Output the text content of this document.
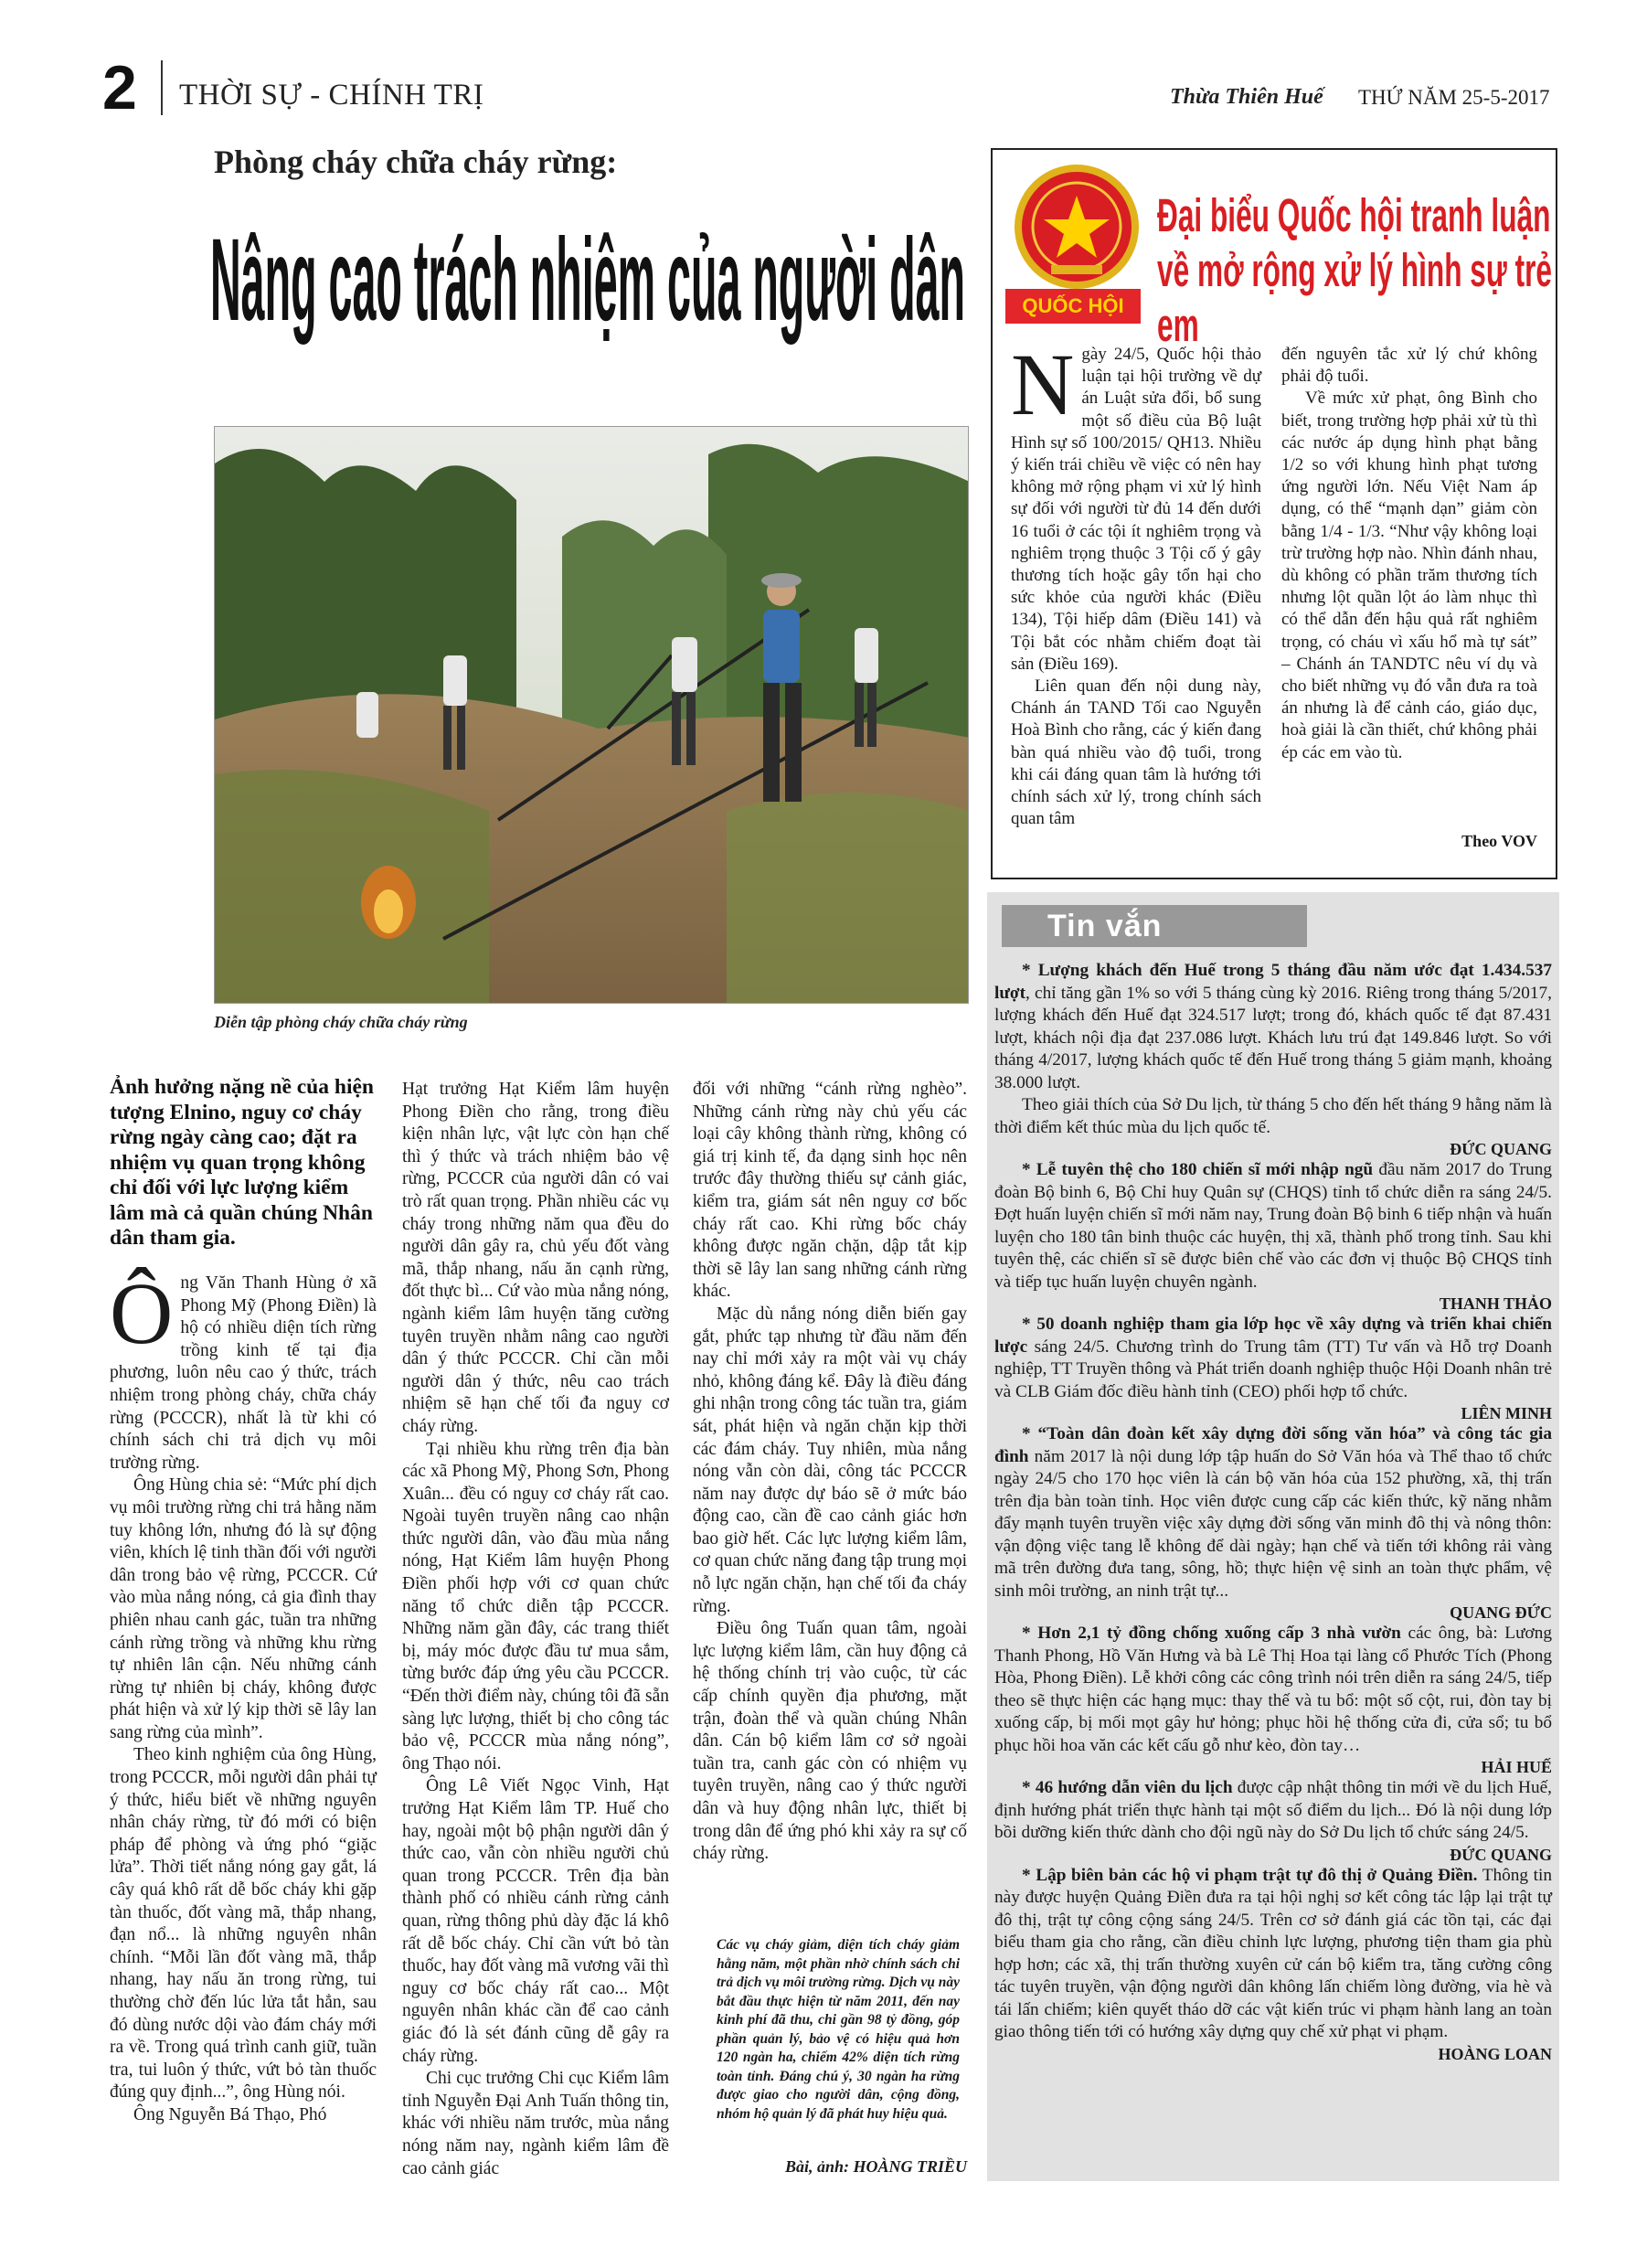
2 THỜI SỰ - CHÍNH TRỊ	Thừa Thiên Huế THỨ NĂM 25-5-2017
Phòng cháy chữa cháy rừng:
Nâng cao trách nhiệm của người dân
Diễn tập phòng cháy chữa cháy rừng
Ảnh hưởng nặng nề của hiện tượng Elnino, nguy cơ cháy rừng ngày càng cao; đặt ra nhiệm vụ quan trọng không chỉ đối với lực lượng kiểm lâm mà cả quần chúng Nhân dân tham gia.

Ông Văn Thanh Hùng ở xã Phong Mỹ (Phong Điền) là hộ có nhiều diện tích rừng trồng kinh tế tại địa phương, luôn nêu cao ý thức, trách nhiệm trong phòng cháy, chữa cháy rừng (PCCCR), nhất là từ khi có chính sách chi trả dịch vụ môi trường rừng.

Ông Hùng chia sẻ: “Mức phí dịch vụ môi trường rừng chi trả hằng năm tuy không lớn, nhưng đó là sự động viên, khích lệ tinh thần đối với người dân trong bảo vệ rừng, PCCCR. Cứ vào mùa nắng nóng, cả gia đình thay phiên nhau canh gác, tuần tra những cánh rừng trồng và những khu rừng tự nhiên lân cận. Nếu những cánh rừng tự nhiên bị cháy, không được phát hiện và xử lý kịp thời sẽ lây lan sang rừng của mình”.

Theo kinh nghiệm của ông Hùng, trong PCCCR, mỗi người dân phải tự ý thức, hiểu biết về những nguyên nhân cháy rừng, từ đó mới có biện pháp để phòng và ứng phó “giặc lửa”. Thời tiết nắng nóng gay gắt, lá cây quá khô rất dễ bốc cháy khi gặp tàn thuốc, đốt vàng mã, thắp nhang, đạn nổ... là những nguyên nhân chính. “Mỗi lần đốt vàng mã, thắp nhang, hay nấu ăn trong rừng, tui thường chờ đến lúc lửa tắt hẳn, sau đó dùng nước dội vào đám cháy mới ra về. Trong quá trình canh giữ, tuần tra, tui luôn ý thức, vứt bỏ tàn thuốc đúng quy định...”, ông Hùng nói.

Ông Nguyễn Bá Thạo, Phó

Hạt trưởng Hạt Kiểm lâm huyện Phong Điền cho rằng, trong điều kiện nhân lực, vật lực còn hạn chế thì ý thức và trách nhiệm bảo vệ rừng, PCCCR của người dân có vai trò rất quan trọng. Phần nhiều các vụ cháy trong những năm qua đều do người dân gây ra, chủ yếu đốt vàng mã, thắp nhang, nấu ăn cạnh rừng, đốt thực bì... Cứ vào mùa nắng nóng, ngành kiểm lâm huyện tăng cường tuyên truyền nhằm nâng cao người dân ý thức PCCCR. Chỉ cần mỗi người dân ý thức, nêu cao trách nhiệm sẽ hạn chế tối đa nguy cơ cháy rừng.

Tại nhiều khu rừng trên địa bàn các xã Phong Mỹ, Phong Sơn, Phong Xuân... đều có nguy cơ cháy rất cao. Ngoài tuyên truyền nâng cao nhận thức người dân, vào đầu mùa nắng nóng, Hạt Kiểm lâm huyện Phong Điền phối hợp với cơ quan chức năng tổ chức diễn tập PCCCR. Những năm gần đây, các trang thiết bị, máy móc được đầu tư mua sắm, từng bước đáp ứng yêu cầu PCCCR. “Đến thời điểm này, chúng tôi đã sẵn sàng lực lượng, thiết bị cho công tác bảo vệ, PCCCR mùa nắng nóng”, ông Thạo nói.

Ông Lê Viết Ngọc Vinh, Hạt trưởng Hạt Kiểm lâm TP. Huế cho hay, ngoài một bộ phận người dân ý thức cao, vẫn còn nhiều người chủ quan trong PCCCR. Trên địa bàn thành phố có nhiều cánh rừng cảnh quan, rừng thông phủ dày đặc lá khô rất dễ bốc cháy. Chỉ cần vứt bỏ tàn thuốc, hay đốt vàng mã vương vãi thì nguy cơ bốc cháy rất cao... Một nguyên nhân khác cần để cao cảnh giác đó là sét đánh cũng dễ gây ra cháy rừng.

Chi cục trưởng Chi cục Kiểm lâm tỉnh Nguyễn Đại Anh Tuấn thông tin, khác với nhiều năm trước, mùa nắng nóng năm nay, ngành kiểm lâm đề cao cảnh giác

đối với những “cánh rừng nghèo”. Những cánh rừng này chủ yếu các loại cây không thành rừng, không có giá trị kinh tế, đa dạng sinh học nên trước đây thường thiếu sự cảnh giác, kiểm tra, giám sát nên nguy cơ bốc cháy rất cao. Khi rừng bốc cháy không được ngăn chặn, dập tắt kịp thời sẽ lây lan sang những cánh rừng khác.

Mặc dù nắng nóng diễn biến gay gắt, phức tạp nhưng từ đầu năm đến nay chỉ mới xảy ra một vài vụ cháy nhỏ, không đáng kể. Đây là điều đáng ghi nhận trong công tác tuần tra, giám sát, phát hiện và ngăn chặn kịp thời các đám cháy. Tuy nhiên, mùa nắng nóng vẫn còn dài, công tác PCCCR năm nay được dự báo sẽ ở mức báo động cao, cần đề cao cảnh giác hơn bao giờ hết. Các lực lượng kiểm lâm, cơ quan chức năng đang tập trung mọi nỗ lực ngăn chặn, hạn chế tối đa cháy rừng.

Điều ông Tuấn quan tâm, ngoài lực lượng kiểm lâm, cần huy động cả hệ thống chính trị vào cuộc, từ các cấp chính quyền địa phương, mặt trận, đoàn thể và quần chúng Nhân dân. Cán bộ kiểm lâm cơ sở ngoài tuần tra, canh gác còn có nhiệm vụ tuyên truyền, nâng cao ý thức người dân và huy động nhân lực, thiết bị trong dân để ứng phó khi xảy ra sự cố cháy rừng.

Các vụ cháy giảm, diện tích cháy giảm hằng năm, một phần nhờ chính sách chi trả dịch vụ môi trường rừng. Dịch vụ này bắt đầu thực hiện từ năm 2011, đến nay kinh phí đã thu, chi gần 98 tỷ đồng, góp phần quản lý, bảo vệ có hiệu quả hơn 120 ngàn ha, chiếm 42% diện tích rừng toàn tỉnh. Đáng chú ý, 30 ngàn ha rừng được giao cho người dân, cộng đồng, nhóm hộ quản lý đã phát huy hiệu quả.
Bài, ảnh: HOÀNG TRIỀU
QUỐC HỘI
Đại biểu Quốc hội tranh luận về mở rộng xử lý hình sự trẻ em

Ngày 24/5, Quốc hội thảo luận tại hội trường về dự án Luật sửa đổi, bổ sung một số điều của Bộ luật Hình sự số 100/2015/ QH13. Nhiều ý kiến trái chiều về việc có nên hay không mở rộng phạm vi xử lý hình sự đối với người từ đủ 14 đến dưới 16 tuổi ở các tội ít nghiêm trọng và nghiêm trọng thuộc 3 Tội cố ý gây thương tích hoặc gây tổn hại cho sức khỏe của người khác (Điều 134), Tội hiếp dâm (Điều 141) và Tội bắt cóc nhằm chiếm đoạt tài sản (Điều 169).

Liên quan đến nội dung này, Chánh án TAND Tối cao Nguyễn Hoà Bình cho rằng, các ý kiến đang bàn quá nhiều vào độ tuổi, trong khi cái đáng quan tâm là hướng tới chính sách xử lý, trong chính sách quan tâm

đến nguyên tắc xử lý chứ không phải độ tuổi.

Về mức xử phạt, ông Bình cho biết, trong trường hợp phải xử tù thì các nước áp dụng hình phạt bằng 1/2 so với khung hình phạt tương ứng người lớn. Nếu Việt Nam áp dụng, có thể “mạnh dạn” giảm còn bằng 1/4 - 1/3. “Như vậy không loại trừ trường hợp nào. Nhìn đánh nhau, dù không có phần trăm thương tích nhưng lột quần lột áo làm nhục thì có thể dẫn đến hậu quả rất nghiêm trọng, có cháu vì xấu hổ mà tự sát” – Chánh án TANDTC nêu ví dụ và cho biết những vụ đó vẫn đưa ra toà án nhưng là để cảnh cáo, giáo dục, hoà giải là cần thiết, chứ không phải ép các em vào tù.

Theo VOV
Tin vắn

* Lượng khách đến Huế trong 5 tháng đầu năm ước đạt 1.434.537 lượt, chỉ tăng gần 1% so với 5 tháng cùng kỳ 2016. Riêng trong tháng 5/2017, lượng khách đến Huế đạt 324.517 lượt; trong đó, khách quốc tế đạt 87.431 lượt, khách nội địa đạt 237.086 lượt. Khách lưu trú đạt 149.846 lượt. So với tháng 4/2017, lượng khách quốc tế đến Huế trong tháng 5 giảm mạnh, khoảng 38.000 lượt.

Theo giải thích của Sở Du lịch, từ tháng 5 cho đến hết tháng 9 hằng năm là thời điểm kết thúc mùa du lịch quốc tế.

ĐỨC QUANG

* Lễ tuyên thệ cho 180 chiến sĩ mới nhập ngũ đầu năm 2017 do Trung đoàn Bộ binh 6, Bộ Chỉ huy Quân sự (CHQS) tỉnh tổ chức diễn ra sáng 24/5. Đợt huấn luyện chiến sĩ mới năm nay, Trung đoàn Bộ binh 6 tiếp nhận và huấn luyện cho 180 tân binh thuộc các huyện, thị xã, thành phố trong tỉnh. Sau khi tuyên thệ, các chiến sĩ sẽ được biên chế vào các đơn vị thuộc Bộ CHQS tỉnh và tiếp tục huấn luyện chuyên ngành.

THANH THẢO

* 50 doanh nghiệp tham gia lớp học về xây dựng và triển khai chiến lược sáng 24/5. Chương trình do Trung tâm (TT) Tư vấn và Hỗ trợ Doanh nghiệp, TT Truyền thông và Phát triển doanh nghiệp thuộc Hội Doanh nhân trẻ và CLB Giám đốc điều hành tỉnh (CEO) phối hợp tổ chức.

LIÊN MINH

* “Toàn dân đoàn kết xây dựng đời sống văn hóa” và công tác gia đình năm 2017 là nội dung lớp tập huấn do Sở Văn hóa và Thể thao tổ chức ngày 24/5 cho 170 học viên là cán bộ văn hóa của 152 phường, xã, thị trấn trên địa bàn toàn tỉnh. Học viên được cung cấp các kiến thức, kỹ năng nhằm đẩy mạnh tuyên truyền việc xây dựng đời sống văn minh đô thị và nông thôn: vận động việc tang lễ không để dài ngày; hạn chế và tiến tới không rải vàng mã trên đường đưa tang, sông, hồ; thực hiện vệ sinh an toàn thực phẩm, vệ sinh môi trường, an ninh trật tự...

QUANG ĐỨC

* Hơn 2,1 tỷ đồng chống xuống cấp 3 nhà vườn các ông, bà: Lương Thanh Phong, Hồ Văn Hưng và bà Lê Thị Hoa tại làng cổ Phước Tích (Phong Hòa, Phong Điền). Lễ khởi công các công trình nói trên diễn ra sáng 24/5, tiếp theo sẽ thực hiện các hạng mục: thay thế và tu bổ: một số cột, rui, đòn tay bị xuống cấp, bị mối mọt gây hư hỏng; phục hồi hệ thống cửa đi, cửa sổ; tu bổ phục hồi hoa văn các kết cấu gỗ như kèo, đòn tay…

HẢI HUẾ

* 46 hướng dẫn viên du lịch được cập nhật thông tin mới về du lịch Huế, định hướng phát triển thực hành tại một số điểm du lịch... Đó là nội dung lớp bồi dưỡng kiến thức dành cho đội ngũ này do Sở Du lịch tổ chức sáng 24/5.

ĐỨC QUANG

* Lập biên bản các hộ vi phạm trật tự đô thị ở Quảng Điền. Thông tin này được huyện Quảng Điền đưa ra tại hội nghị sơ kết công tác lập lại trật tự đô thị, trật tự công cộng sáng 24/5. Trên cơ sở đánh giá các tồn tại, các đại biểu tham gia cho rằng, cần điều chỉnh lực lượng, phương tiện tham gia phù hợp hơn; các xã, thị trấn thường xuyên cử cán bộ kiểm tra, tăng cường công tác tuyên truyền, vận động người dân không lấn chiếm lòng đường, vỉa hè và tái lấn chiếm; kiên quyết tháo dỡ các vật kiến trúc vi phạm hành lang an toàn giao thông tiến tới có hướng xây dựng quy chế xử phạt vi phạm.

HOÀNG LOAN
